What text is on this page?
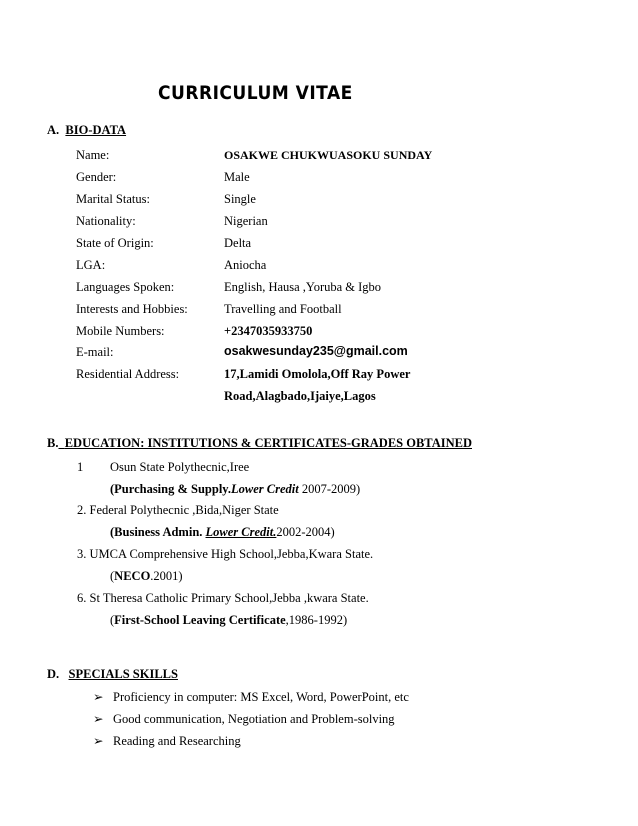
CURRICULUM VITAE
A. BIO-DATA
Name:	OSAKWE CHUKWUASOKU SUNDAY
Gender:	Male
Marital Status:	Single
Nationality:	Nigerian
State of Origin:	Delta
LGA:	Aniocha
Languages Spoken:	English, Hausa ,Yoruba & Igbo
Interests and Hobbies:	Travelling and Football
Mobile Numbers:	+2347035933750
E-mail:	osakwesunday235@gmail.com
Residential Address:	17,Lamidi Omolola,Off Ray Power
Road,Alagbado,Ijaiye,Lagos
B. EDUCATION: INSTITUTIONS & CERTIFICATES-GRADES OBTAINED
1 Osun State Polythecnic,Iree
(Purchasing & Supply.Lower Credit 2007-2009)
2. Federal Polythecnic ,Bida,Niger State
(Business Admin. Lower Credit.2002-2004)
3. UMCA Comprehensive High School,Jebba,Kwara State.
(NECO.2001)
6. St Theresa Catholic Primary School,Jebba ,kwara State.
(First-School Leaving Certificate,1986-1992)
D. SPECIALS SKILLS
➢ Proficiency in computer: MS Excel, Word, PowerPoint, etc
➢ Good communication, Negotiation and Problem-solving
➢ Reading and Researching
